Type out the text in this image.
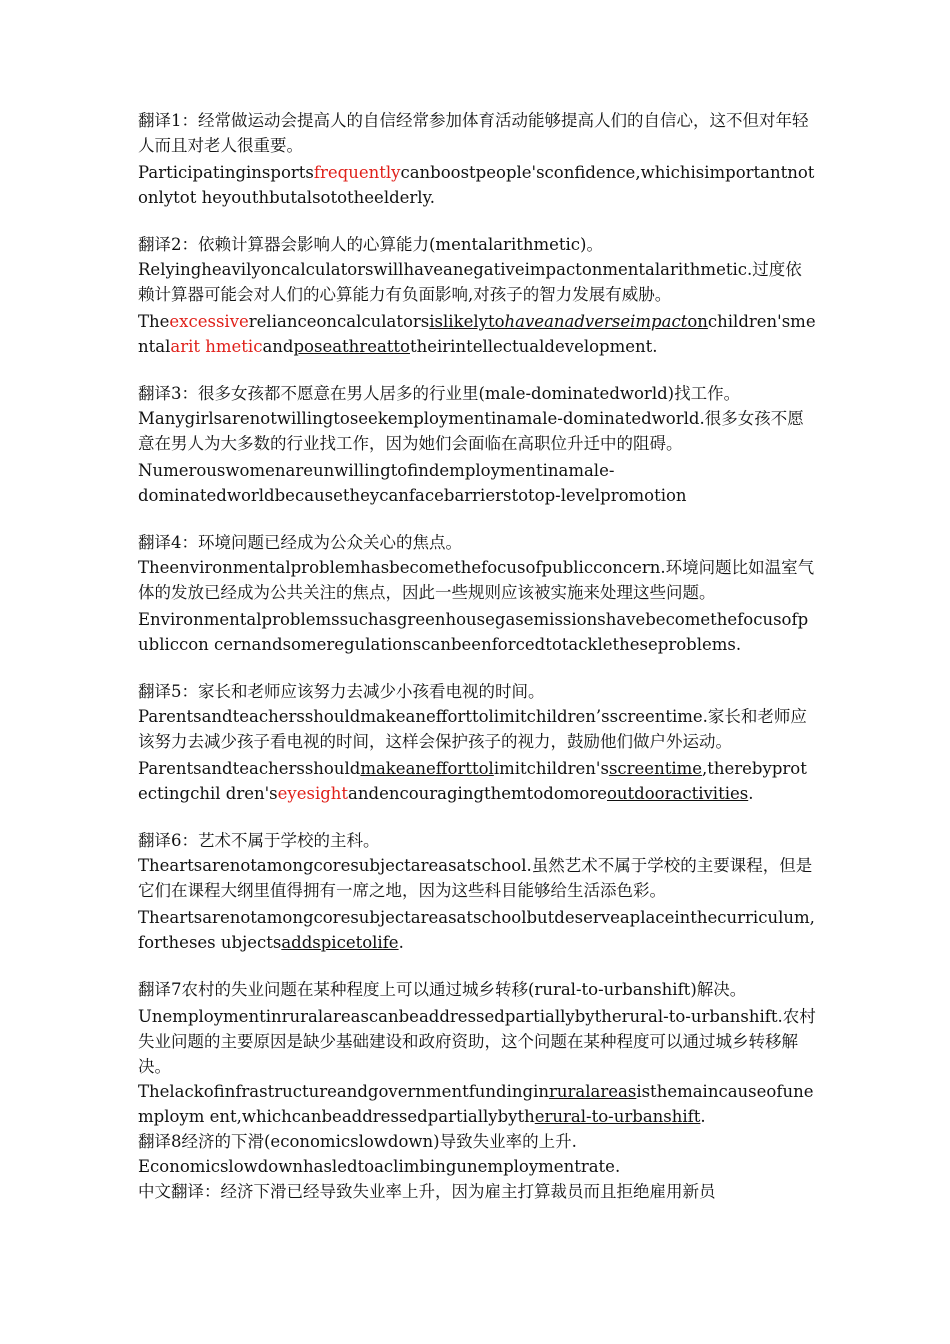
翻译1：经常做运动会提高人的自信经常参加体育活动能够提高人们的自信心，这不但对年轻人而且对老人很重要。
Participatinginsportsfrequentlycanboostpeople'sconfidence,whichisimportantnotonlytot heyouthbutalsototheelderly.
翻译2：依赖计算器会影响人的心算能力(mentalarithmetic)。
Relyingheavilyoncalculatorswillhaveanegativeimpactonmentalarithmetic.过度依赖计算器可能会对人们的心算能力有负面影响,对孩子的智力发展有威胁。
Theexcessiverelianceoncalculatorsislikelytohaveanadverseimpactonchildren'smentalarit hmeticandposeathreattotheirintellectualdevelopment.
翻译3：很多女孩都不愿意在男人居多的行业里(male-dominatedworld)找工作。
Manygirlsarenotwillingtoseekemploymentinamale-dominatedworld.很多女孩不愿意在男人为大多数的行业找工作，因为她们会面临在高职位升迁中的阻碍。
Numerouswomenareunwillingtofindemploymentinamale-dominatedworldbecausetheycanfacebarrierstotop-levelpromotion
翻译4：环境问题已经成为公众关心的焦点。
Theenvironmentalproblemhasbecomethefocusofpublicconcern.环境问题比如温室气体的发放已经成为公共关注的焦点，因此一些规则应该被实施来处理这些问题。
Environmentalproblemssuchasgreenhousegasemissionshavebecomethefocusofpubliccon cernandsomeregulationscanbeenforcedtotackletheseproblems.
翻译5：家长和老师应该努力去减少小孩看电视的时间。
Parentsandteachersshouldmakeanefforttolimitchildren’sscreentime.家长和老师应该努力去减少孩子看电视的时间，这样会保护孩子的视力，鼓励他们做户外运动。
Parentsandteachersshouldmakeanefforttolimitchildren'sscreentime,therebyprotectingchil dren'seyesightandencouragingthemtodomoreoutdooractivities.
翻译6：艺术不属于学校的主科。
Theartsarenotamongcoresubjectareasatschool.虽然艺术不属于学校的主要课程，但是它们在课程大纲里值得拥有一席之地，因为这些科目能够给生活添色彩。
Theartsarenotamongcoresubjectareasatschoolbutdeserveaplaceinthecurriculum,fortheses ubjectsaddspicetolife.
翻译7农村的失业问题在某种程度上可以通过城乡转移(rural-to-urbanshift)解决。
Unemploymentinruralareascanbeaddressedpartiallybytherural-to-urbanshift.农村失业问题的主要原因是缺少基础建设和政府资助，这个问题在某种程度可以通过城乡转移解决。
Thelackofinfrastructureandgovernmentfundinginruralareasisthemaincauseofunemploym ent,whichcanbeaddressedpartiallybytherural-to-urbanshift.
翻译8经济的下滑(economicslowdown)导致失业率的上升.
Economicslowdownhasledtoaclimbingunemploymentrate.
中文翻译：经济下滑已经导致失业率上升，因为雇主打算裁员而且拒绝雇用新员
